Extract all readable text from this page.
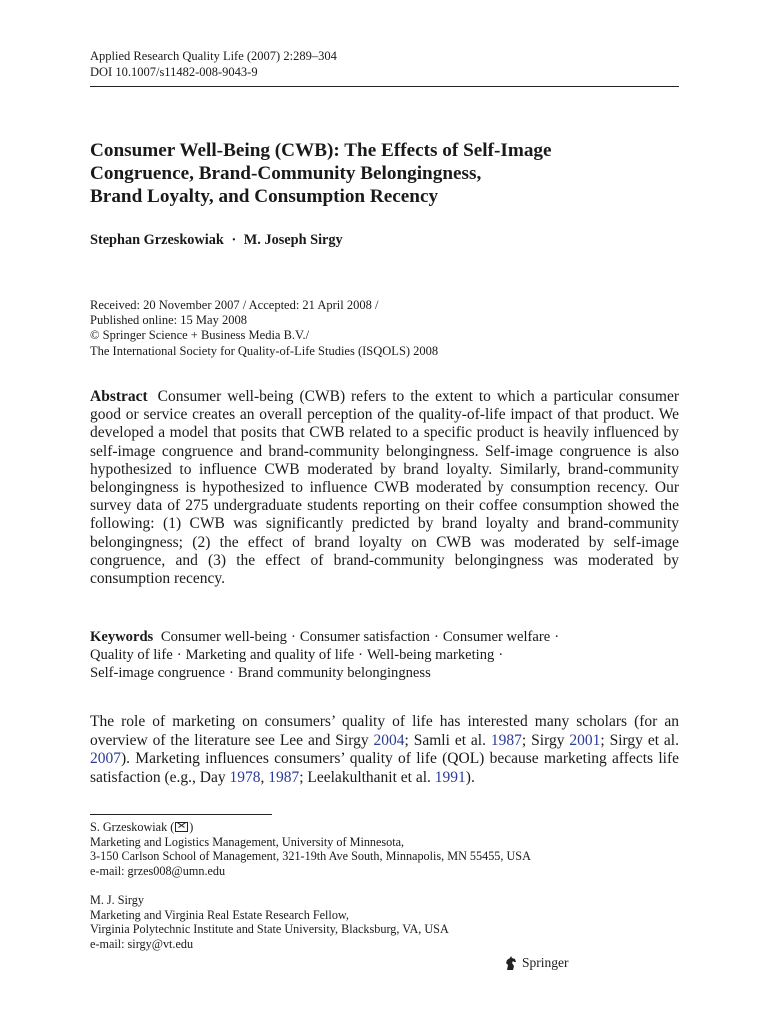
Applied Research Quality Life (2007) 2:289–304
DOI 10.1007/s11482-008-9043-9
Consumer Well-Being (CWB): The Effects of Self-Image
Congruence, Brand-Community Belongingness,
Brand Loyalty, and Consumption Recency
Stephan Grzeskowiak · M. Joseph Sirgy
Received: 20 November 2007 / Accepted: 21 April 2008 /
Published online: 15 May 2008
© Springer Science + Business Media B.V./
The International Society for Quality-of-Life Studies (ISQOLS) 2008
Abstract Consumer well-being (CWB) refers to the extent to which a particular consumer good or service creates an overall perception of the quality-of-life impact of that product. We developed a model that posits that CWB related to a specific product is heavily influenced by self-image congruence and brand-community belongingness. Self-image congruence is also hypothesized to influence CWB moderated by brand loyalty. Similarly, brand-community belongingness is hypothesized to influence CWB moderated by consumption recency. Our survey data of 275 undergraduate students reporting on their coffee consumption showed the following: (1) CWB was significantly predicted by brand loyalty and brand-community belongingness; (2) the effect of brand loyalty on CWB was moderated by self-image congruence, and (3) the effect of brand-community belongingness was moderated by consumption recency.
Keywords Consumer well-being · Consumer satisfaction · Consumer welfare ·
Quality of life · Marketing and quality of life · Well-being marketing ·
Self-image congruence · Brand community belongingness
The role of marketing on consumers’ quality of life has interested many scholars (for an overview of the literature see Lee and Sirgy 2004; Samli et al. 1987; Sirgy 2001; Sirgy et al. 2007). Marketing influences consumers’ quality of life (QOL) because marketing affects life satisfaction (e.g., Day 1978, 1987; Leelakulthanit et al. 1991).
S. Grzeskowiak ( )
Marketing and Logistics Management, University of Minnesota,
3-150 Carlson School of Management, 321-19th Ave South, Minnapolis, MN 55455, USA
e-mail: grzes008@umn.edu
M. J. Sirgy
Marketing and Virginia Real Estate Research Fellow,
Virginia Polytechnic Institute and State University, Blacksburg, VA, USA
e-mail: sirgy@vt.edu
Springer
